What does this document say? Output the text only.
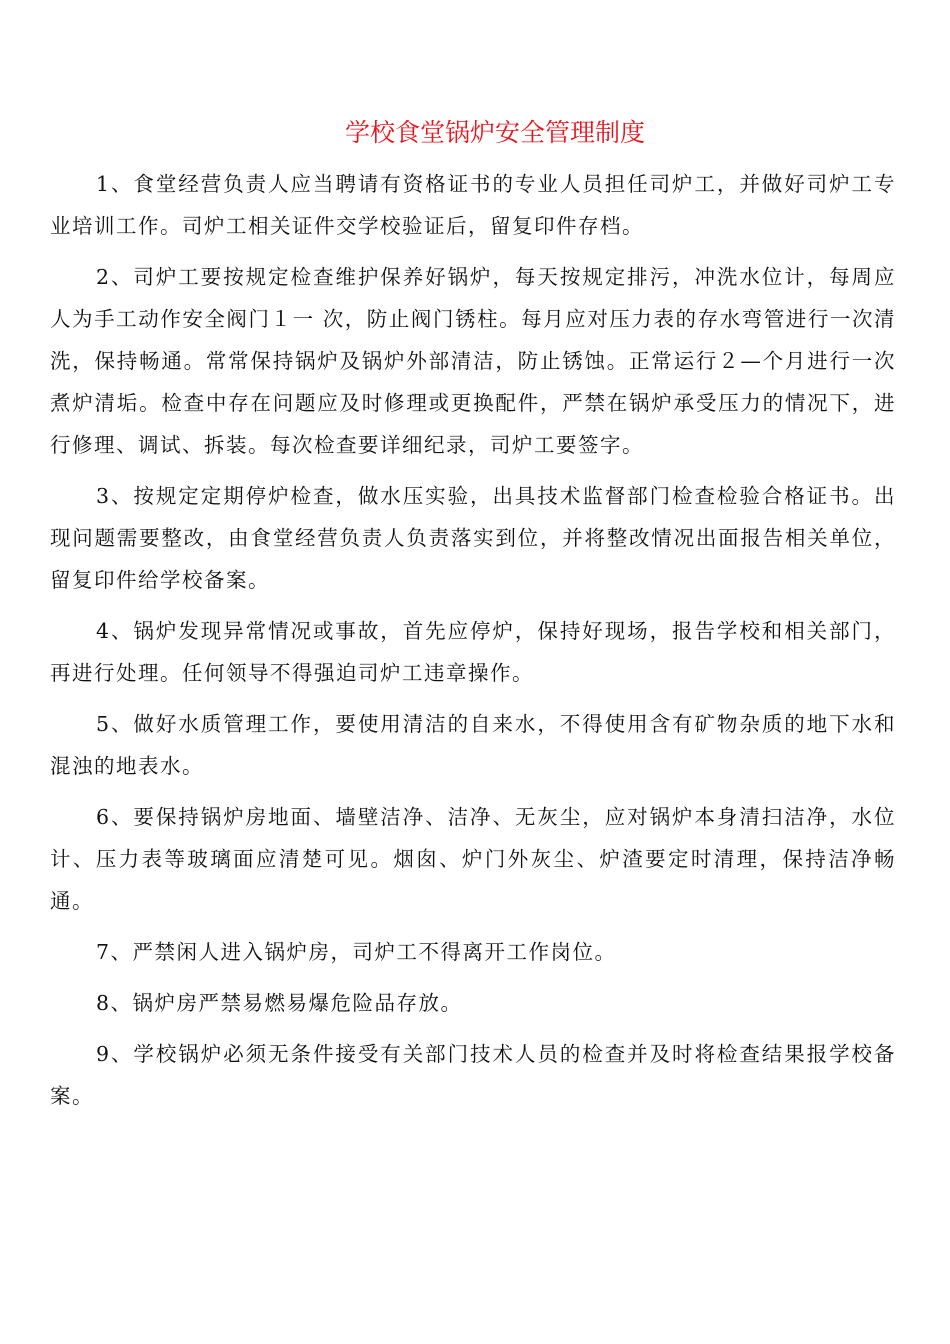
学校食堂锅炉安全管理制度

1、食堂经营负责人应当聘请有资格证书的专业人员担任司炉工，并做好司炉工专业培训工作。司炉工相关证件交学校验证后，留复印件存档。

2、司炉工要按规定检查维护保养好锅炉，每天按规定排污，冲洗水位计，每周应人为手工动作安全阀门１一 次，防止阀门锈柱。每月应对压力表的存水弯管进行一次清洗，保持畅通。常常保持锅炉及锅炉外部清洁，防止锈蚀。正常运行２—个月进行一次煮炉清垢。检查中存在问题应及时修理或更换配件，严禁在锅炉承受压力的情况下，进行修理、调试、拆装。每次检查要详细纪录，司炉工要签字。

3、按规定定期停炉检查，做水压实验，出具技术监督部门检查检验合格证书。出现问题需要整改，由食堂经营负责人负责落实到位，并将整改情况出面报告相关单位，留复印件给学校备案。

4、锅炉发现异常情况或事故，首先应停炉，保持好现场，报告学校和相关部门，再进行处理。任何领导不得强迫司炉工违章操作。

5、做好水质管理工作，要使用清洁的自来水，不得使用含有矿物杂质的地下水和混浊的地表水。

6、要保持锅炉房地面、墙壁洁净、洁净、无灰尘，应对锅炉本身清扫洁净，水位计、压力表等玻璃面应清楚可见。烟囱、炉门外灰尘、炉渣要定时清理，保持洁净畅通。

7、严禁闲人进入锅炉房，司炉工不得离开工作岗位。

8、锅炉房严禁易燃易爆危险品存放。

9、学校锅炉必须无条件接受有关部门技术人员的检查并及时将检查结果报学校备案。
